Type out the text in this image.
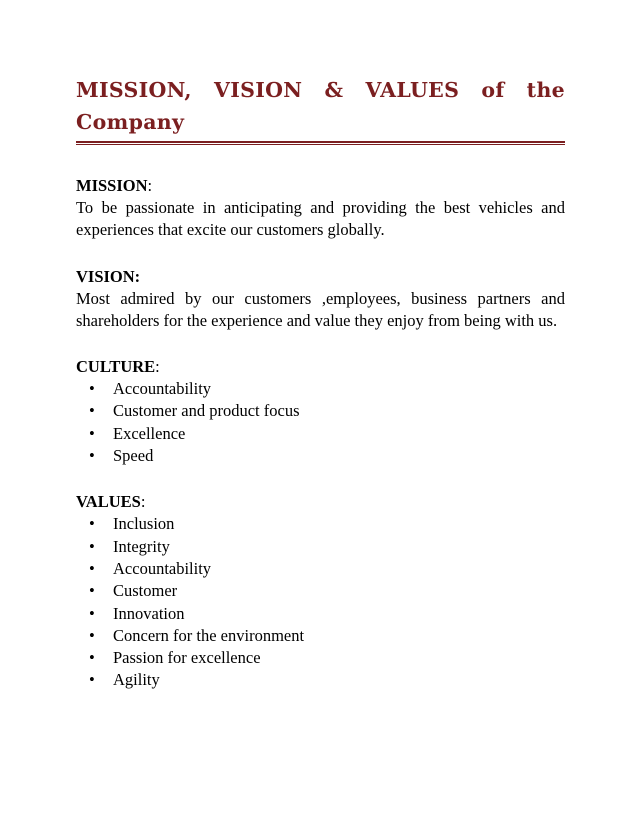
MISSION, VISION & VALUES of the Company
MISSION:
To be passionate in anticipating and providing the best vehicles and experiences that excite our customers globally.
VISION:
Most admired by our customers ,employees, business partners and shareholders for the experience and value they enjoy from being with us.
CULTURE:
•	Accountability
•	Customer and product focus
•	Excellence
•	Speed
VALUES:
•	Inclusion
•	Integrity
•	Accountability
•	Customer
•	Innovation
•	Concern for the environment
•	Passion for excellence
•	Agility
